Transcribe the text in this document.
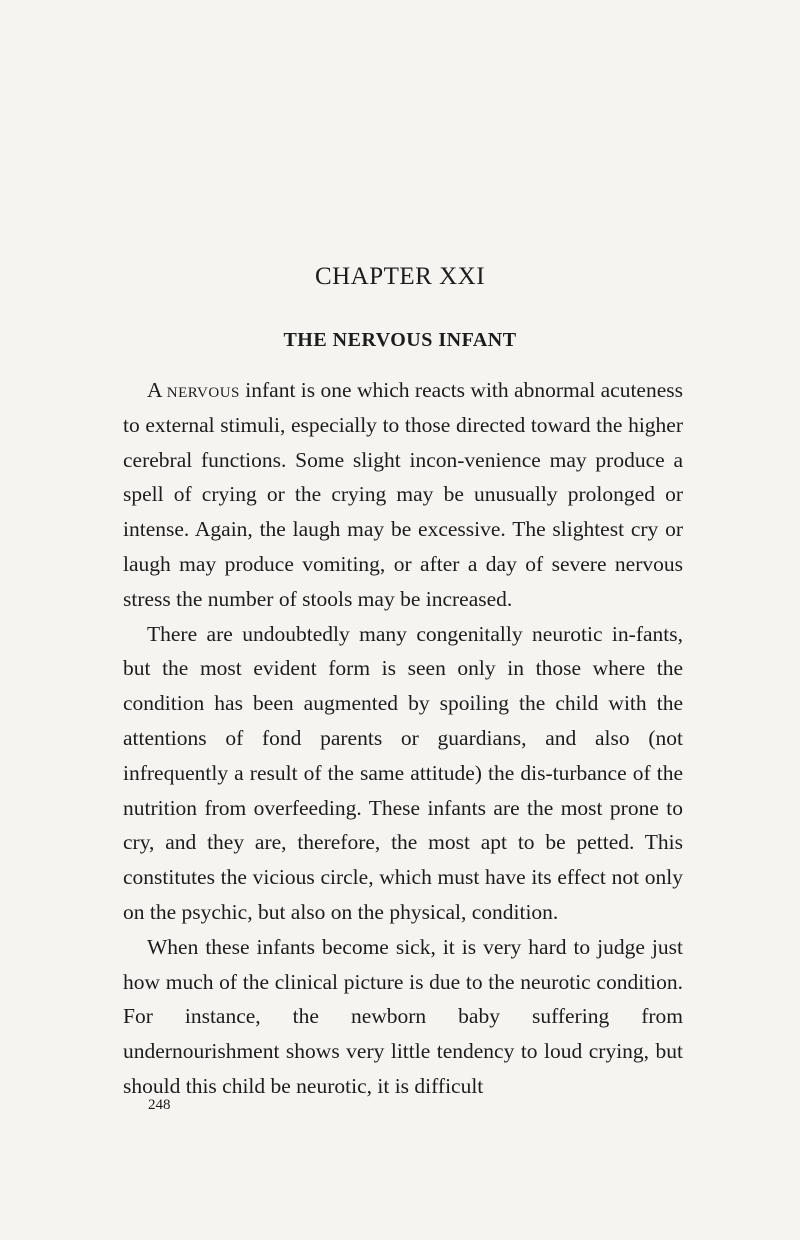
CHAPTER XXI
THE NERVOUS INFANT

A nervous infant is one which reacts with abnormal acuteness to external stimuli, especially to those directed toward the higher cerebral functions. Some slight incon-venience may produce a spell of crying or the crying may be unusually prolonged or intense. Again, the laugh may be excessive. The slightest cry or laugh may produce vomiting, or after a day of severe nervous stress the number of stools may be increased.

There are undoubtedly many congenitally neurotic in-fants, but the most evident form is seen only in those where the condition has been augmented by spoiling the child with the attentions of fond parents or guardians, and also (not infrequently a result of the same attitude) the dis-turbance of the nutrition from overfeeding. These infants are the most prone to cry, and they are, therefore, the most apt to be petted. This constitutes the vicious circle, which must have its effect not only on the psychic, but also on the physical, condition.

When these infants become sick, it is very hard to judge just how much of the clinical picture is due to the neurotic condition. For instance, the newborn baby suffering from undernourishment shows very little tendency to loud crying, but should this child be neurotic, it is difficult

248
